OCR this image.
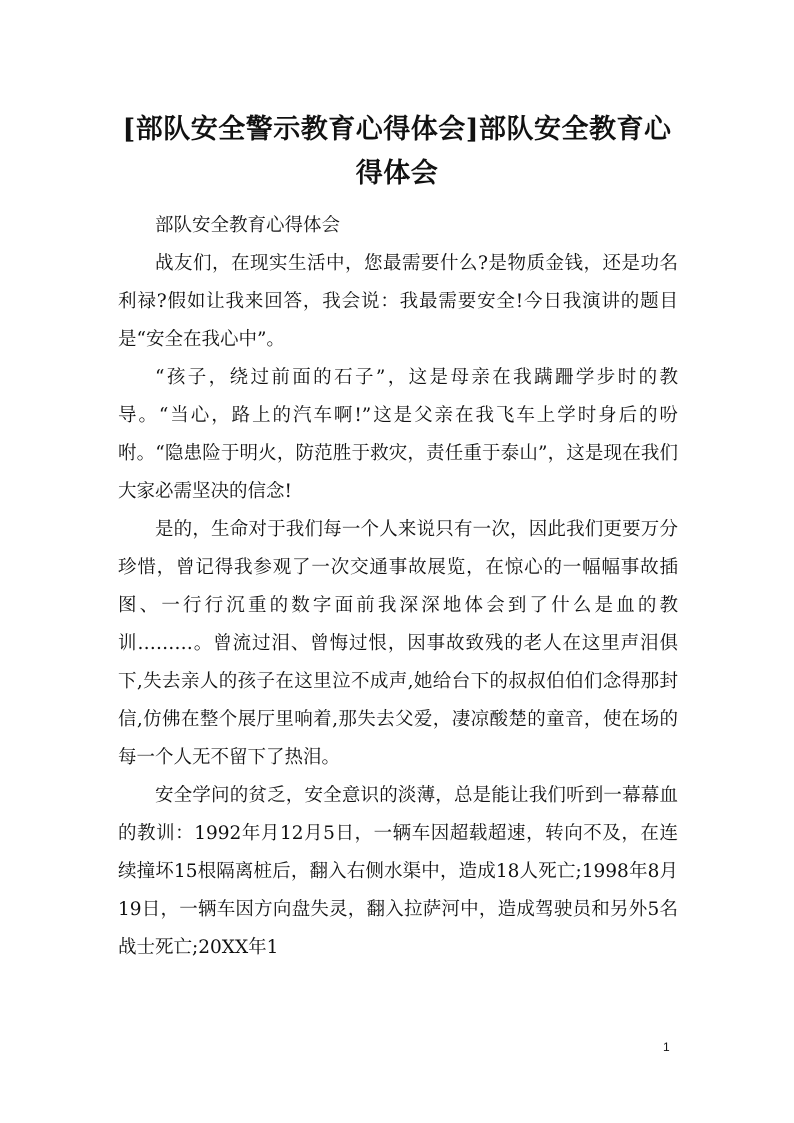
[部队安全警示教育心得体会]部队安全教育心得体会

部队安全教育心得体会

战友们，在现实生活中，您最需要什么?是物质金钱，还是功名利禄?假如让我来回答，我会说：我最需要安全!今日我演讲的题目是“安全在我心中”。

“孩子，绕过前面的石子”，这是母亲在我蹒跚学步时的教导。“当心，路上的汽车啊!”这是父亲在我飞车上学时身后的吩咐。“隐患险于明火，防范胜于救灾，责任重于泰山”，这是现在我们大家必需坚决的信念!

是的，生命对于我们每一个人来说只有一次，因此我们更要万分珍惜，曾记得我参观了一次交通事故展览，在惊心的一幅幅事故插图、一行行沉重的数字面前我深深地体会到了什么是血的教训………。曾流过泪、曾悔过恨，因事故致残的老人在这里声泪俱下,失去亲人的孩子在这里泣不成声,她给台下的叔叔伯伯们念得那封信,仿佛在整个展厅里响着,那失去父爱，凄凉酸楚的童音，使在场的每一个人无不留下了热泪。

安全学问的贫乏，安全意识的淡薄，总是能让我们听到一幕幕血的教训：1992年月12月5日，一辆车因超载超速，转向不及，在连续撞坏15根隔离桩后，翻入右侧水渠中，造成18人死亡;1998年8月19日，一辆车因方向盘失灵，翻入拉萨河中，造成驾驶员和另外5名战士死亡;20XX年1

1
